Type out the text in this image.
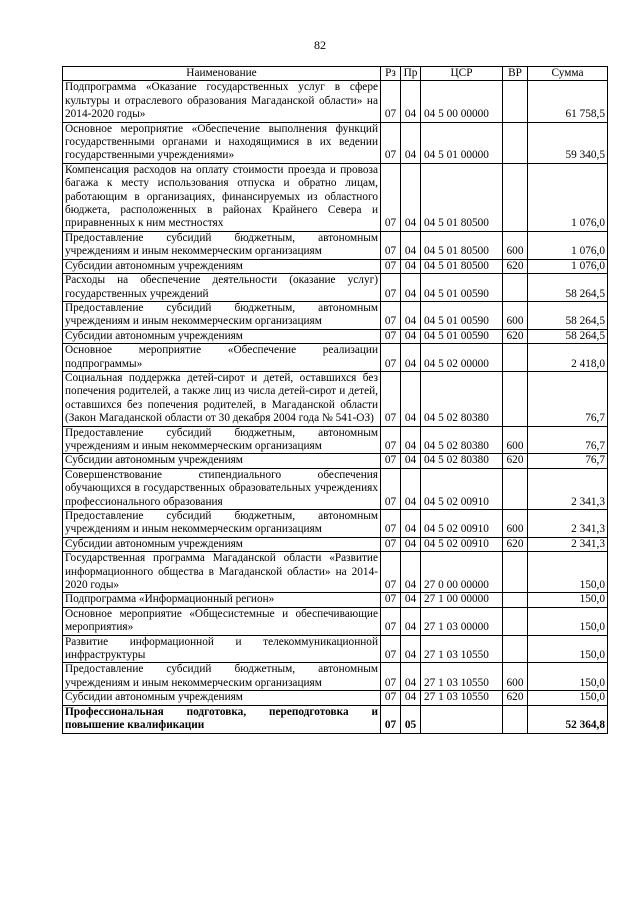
82
Наименование	Рз	Пр	ЦСР	ВР	Сумма
Подпрограмма «Оказание государственных услуг в сфере культуры и отраслевого образования Магаданской области» на 2014-2020 годы»	07	04	04 5 00 00000		61 758,5
Основное мероприятие «Обеспечение выполнения функций государственными органами и находящимися в их ведении государственными учреждениями»	07	04	04 5 01 00000		59 340,5
Компенсация расходов на оплату стоимости проезда и провоза багажа к месту использования отпуска и обратно лицам, работающим в организациях, финансируемых из областного бюджета, расположенных в районах Крайнего Севера и приравненных к ним местностях	07	04	04 5 01 80500		1 076,0
Предоставление субсидий бюджетным, автономным учреждениям и иным некоммерческим организациям	07	04	04 5 01 80500	600	1 076,0
Субсидии автономным учреждениям	07	04	04 5 01 80500	620	1 076,0
Расходы на обеспечение деятельности (оказание услуг) государственных учреждений	07	04	04 5 01 00590		58 264,5
Предоставление субсидий бюджетным, автономным учреждениям и иным некоммерческим организациям	07	04	04 5 01 00590	600	58 264,5
Субсидии автономным учреждениям	07	04	04 5 01 00590	620	58 264,5
Основное мероприятие «Обеспечение реализации подпрограммы»	07	04	04 5 02 00000		2 418,0
Социальная поддержка детей-сирот и детей, оставшихся без попечения родителей, а также лиц из числа детей-сирот и детей, оставшихся без попечения родителей, в Магаданской области (Закон Магаданской области от 30 декабря 2004 года № 541-ОЗ)	07	04	04 5 02 80380		76,7
Предоставление субсидий бюджетным, автономным учреждениям и иным некоммерческим организациям	07	04	04 5 02 80380	600	76,7
Субсидии автономным учреждениям	07	04	04 5 02 80380	620	76,7
Совершенствование стипендиального обеспечения обучающихся в государственных образовательных учреждениях профессионального образования	07	04	04 5 02 00910		2 341,3
Предоставление субсидий бюджетным, автономным учреждениям и иным некоммерческим организациям	07	04	04 5 02 00910	600	2 341,3
Субсидии автономным учреждениям	07	04	04 5 02 00910	620	2 341,3
Государственная программа Магаданской области «Развитие информационного общества в Магаданской области» на 2014-2020 годы»	07	04	27 0 00 00000		150,0
Подпрограмма «Информационный регион»	07	04	27 1 00 00000		150,0
Основное мероприятие «Общесистемные и обеспечивающие мероприятия»	07	04	27 1 03 00000		150,0
Развитие информационной и телекоммуникационной инфраструктуры	07	04	27 1 03 10550		150,0
Предоставление субсидий бюджетным, автономным учреждениям и иным некоммерческим организациям	07	04	27 1 03 10550	600	150,0
Субсидии автономным учреждениям	07	04	27 1 03 10550	620	150,0
Профессиональная подготовка, переподготовка и повышение квалификации	07	05			52 364,8
